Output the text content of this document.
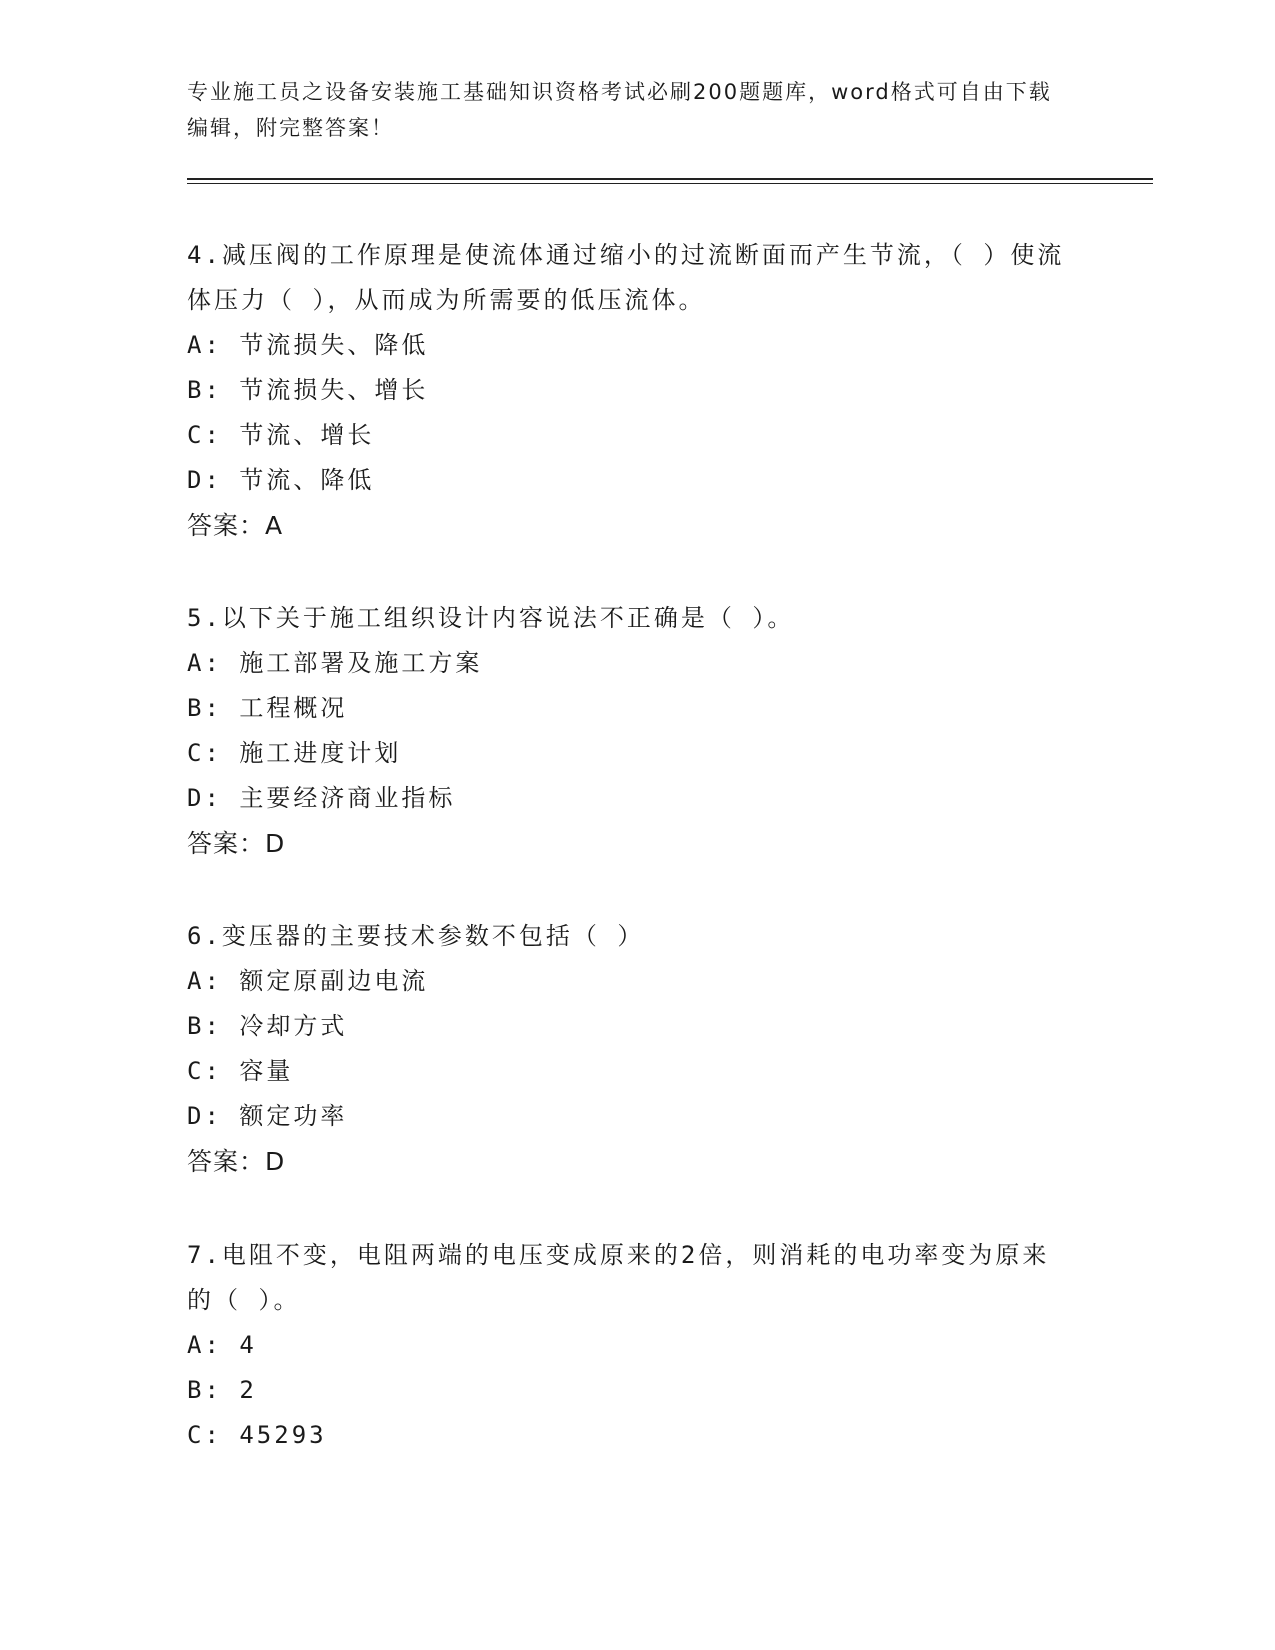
专业施工员之设备安装施工基础知识资格考试必刷200题题库，word格式可自由下载编辑，附完整答案！
4.减压阀的工作原理是使流体通过缩小的过流断面而产生节流，（ ）使流体压力（ ），从而成为所需要的低压流体。
A: 节流损失、降低
B: 节流损失、增长
C: 节流、增长
D: 节流、降低
答案：A
5.以下关于施工组织设计内容说法不正确是（ ）。
A: 施工部署及施工方案
B: 工程概况
C: 施工进度计划
D: 主要经济商业指标
答案：D
6.变压器的主要技术参数不包括（ ）
A: 额定原副边电流
B: 冷却方式
C: 容量
D: 额定功率
答案：D
7.电阻不变，电阻两端的电压变成原来的2倍，则消耗的电功率变为原来的（ ）。
A: 4
B: 2
C: 45293
